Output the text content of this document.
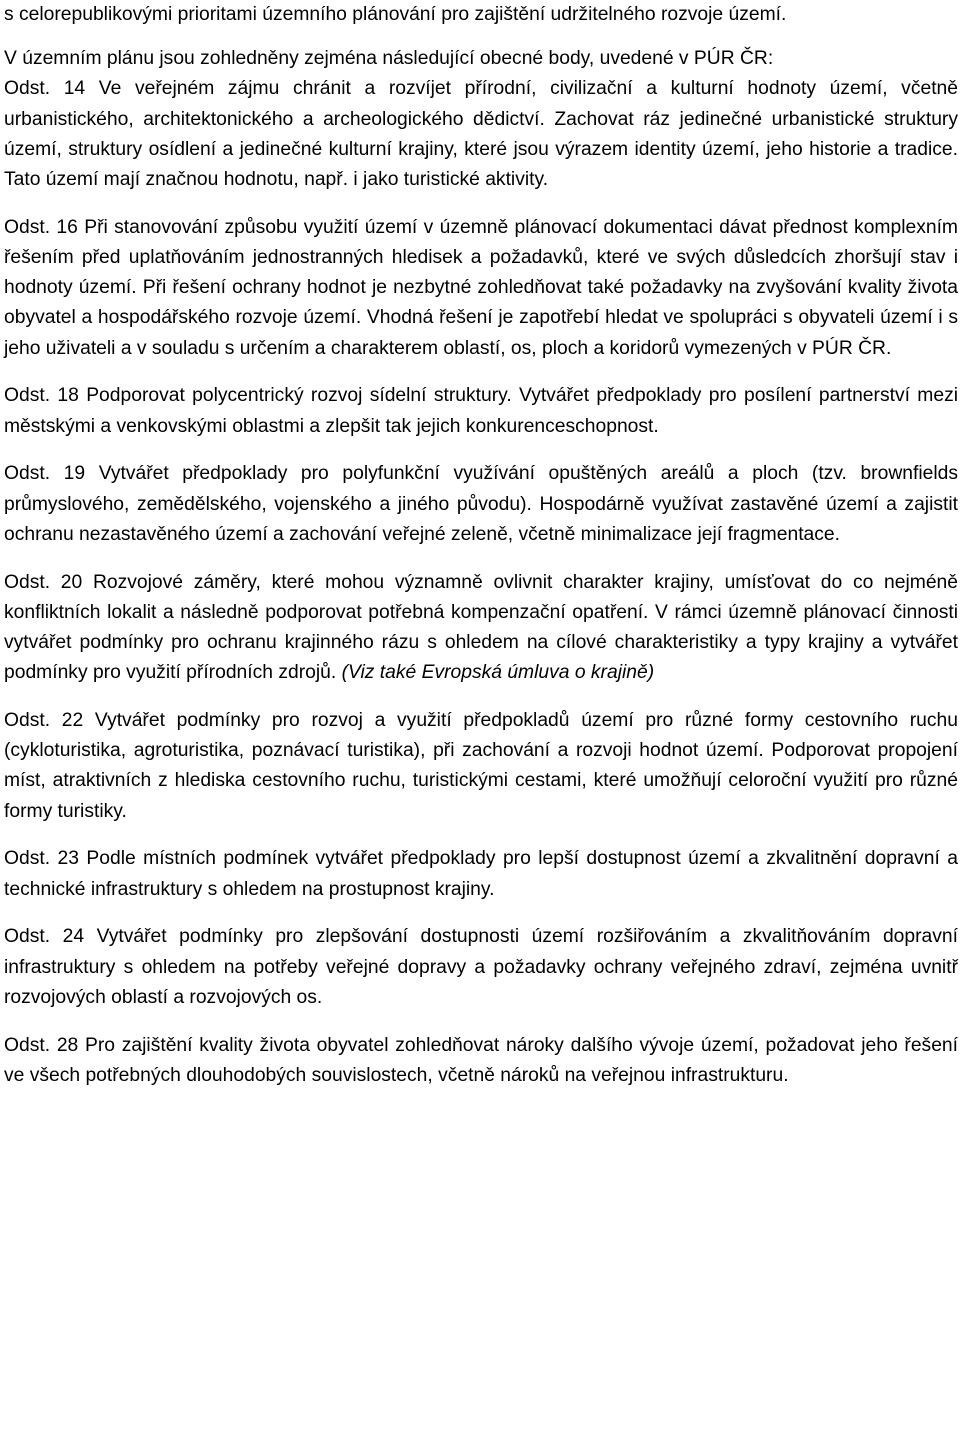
s celorepublikovými prioritami územního plánování pro zajištění udržitelného rozvoje území.

V územním plánu jsou zohledněny zejména následující obecné body, uvedené v PÚR ČR:

Odst. 14 Ve veřejném zájmu chránit a rozvíjet přírodní, civilizační a kulturní hodnoty území, včetně urbanistického, architektonického a archeologického dědictví. Zachovat ráz jedinečné urbanistické struktury území, struktury osídlení a jedinečné kulturní krajiny, které jsou výrazem identity území, jeho historie a tradice. Tato území mají značnou hodnotu, např. i jako turistické aktivity.

Odst. 16 Při stanovování způsobu využití území v územně plánovací dokumentaci dávat přednost komplexním řešením před uplatňováním jednostranných hledisek a požadavků, které ve svých důsledcích zhoršují stav i hodnoty území. Při řešení ochrany hodnot je nezbytné zohledňovat také požadavky na zvyšování kvality života obyvatel a hospodářského rozvoje území. Vhodná řešení je zapotřebí hledat ve spolupráci s obyvateli území i s jeho uživateli a v souladu s určením a charakterem oblastí, os, ploch a koridorů vymezených v PÚR ČR.

Odst. 18 Podporovat polycentrický rozvoj sídelní struktury. Vytvářet předpoklady pro posílení partnerství mezi městskými a venkovskými oblastmi a zlepšit tak jejich konkurenceschopnost.

Odst. 19 Vytvářet předpoklady pro polyfunkční využívání opuštěných areálů a ploch (tzv. brownfields průmyslového, zemědělského, vojenského a jiného původu). Hospodárně využívat zastavěné území a zajistit ochranu nezastavěného území a zachování veřejné zeleně, včetně minimalizace její fragmentace.

Odst. 20 Rozvojové záměry, které mohou významně ovlivnit charakter krajiny, umísťovat do co nejméně konfliktních lokalit a následně podporovat potřebná kompenzační opatření. V rámci územně plánovací činnosti vytvářet podmínky pro ochranu krajinného rázu s ohledem na cílové charakteristiky a typy krajiny a vytvářet podmínky pro využití přírodních zdrojů. (Viz také Evropská úmluva o krajině)

Odst. 22 Vytvářet podmínky pro rozvoj a využití předpokladů území pro různé formy cestovního ruchu (cykloturistika, agroturistika, poznávací turistika), při zachování a rozvoji hodnot území. Podporovat propojení míst, atraktivních z hlediska cestovního ruchu, turistickými cestami, které umožňují celoroční využití pro různé formy turistiky.

Odst. 23 Podle místních podmínek vytvářet předpoklady pro lepší dostupnost území a zkvalitnění dopravní a technické infrastruktury s ohledem na prostupnost krajiny.

Odst. 24 Vytvářet podmínky pro zlepšování dostupnosti území rozšiřováním a zkvalitňováním dopravní infrastruktury s ohledem na potřeby veřejné dopravy a požadavky ochrany veřejného zdraví, zejména uvnitř rozvojových oblastí a rozvojových os.

Odst. 28 Pro zajištění kvality života obyvatel zohledňovat nároky dalšího vývoje území, požadovat jeho řešení ve všech potřebných dlouhodobých souvislostech, včetně nároků na veřejnou infrastrukturu.
